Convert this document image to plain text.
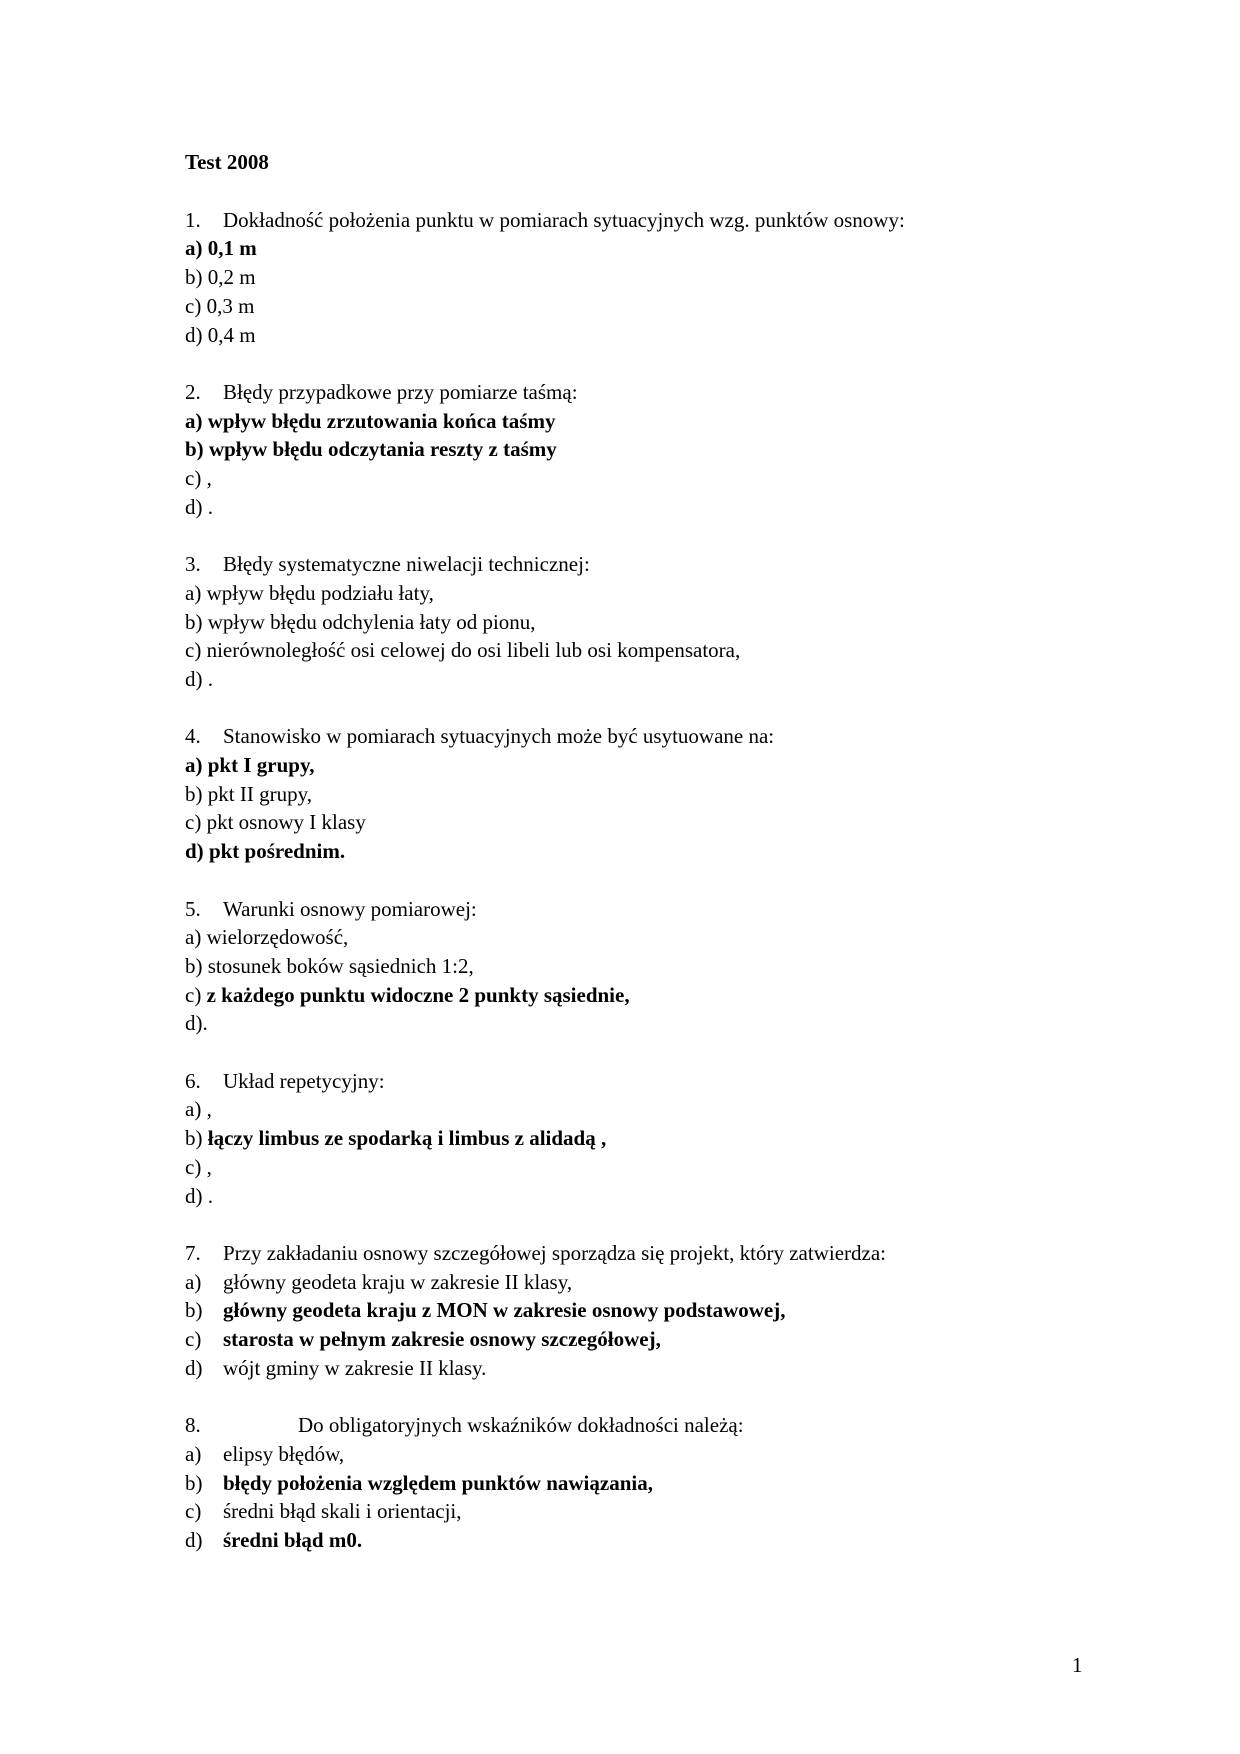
Test 2008
1. Dokładność położenia punktu w pomiarach sytuacyjnych wzg. punktów osnowy:
a) 0,1 m
b) 0,2 m
c) 0,3 m
d) 0,4 m
2. Błędy przypadkowe przy pomiarze taśmą:
a) wpływ błędu zrzutowania końca taśmy
b) wpływ błędu odczytania reszty z taśmy
c) ,
d) .
3. Błędy systematyczne niwelacji technicznej:
a) wpływ błędu podziału łaty,
b) wpływ błędu odchylenia łaty od pionu,
c) nierównoległość osi celowej do osi libeli lub osi kompensatora,
d) .
4. Stanowisko w pomiarach sytuacyjnych może być usytuowane na:
a) pkt I grupy,
b) pkt II grupy,
c) pkt osnowy I klasy
d) pkt pośrednim.
5. Warunki osnowy pomiarowej:
a) wielorzędowość,
b) stosunek boków sąsiednich 1:2,
c) z każdego punktu widoczne 2 punkty sąsiednie,
d).
6. Układ repetycyjny:
a) ,
b) łączy limbus ze spodarką i limbus z alidadą ,
c) ,
d) .
7. Przy zakładaniu osnowy szczegółowej sporządza się projekt, który zatwierdza:
a) główny geodeta kraju w zakresie II klasy,
b) główny geodeta kraju z MON w zakresie osnowy podstawowej,
c) starosta w pełnym zakresie osnowy szczegółowej,
d) wójt gminy w zakresie II klasy.
8.	Do obligatoryjnych wskaźników dokładności należą:
a) elipsy błędów,
b) błędy położenia względem punktów nawiązania,
c) średni błąd skali i orientacji,
d) średni błąd m0.
1
